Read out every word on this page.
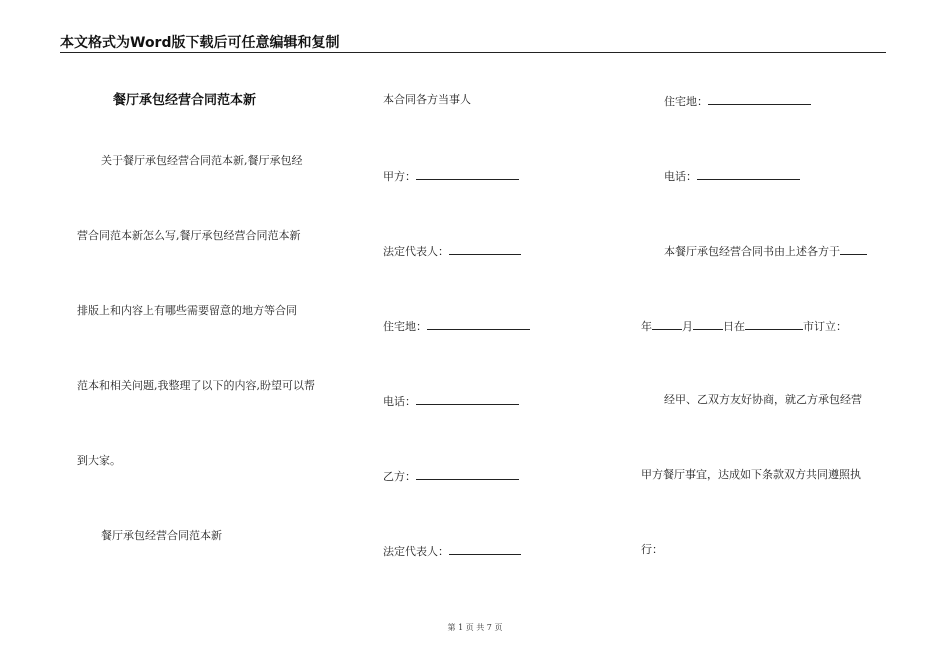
本文格式为Word版下载后可任意编辑和复制
餐厅承包经营合同范本新
关于餐厅承包经营合同范本新,餐厅承包经
营合同范本新怎么写,餐厅承包经营合同范本新
排版上和内容上有哪些需要留意的地方等合同
范本和相关问题,我整理了以下的内容,盼望可以帮
到大家。
餐厅承包经营合同范本新
本合同各方当事人
甲方：
法定代表人：
住宅地：
电话：
乙方：
法定代表人：
住宅地：
电话：
本餐厅承包经营合同书由上述各方于
年	月	日在	市订立：
经甲、乙双方友好协商，就乙方承包经营
甲方餐厅事宜，达成如下条款双方共同遵照执
行：
第 1 页 共 7 页
